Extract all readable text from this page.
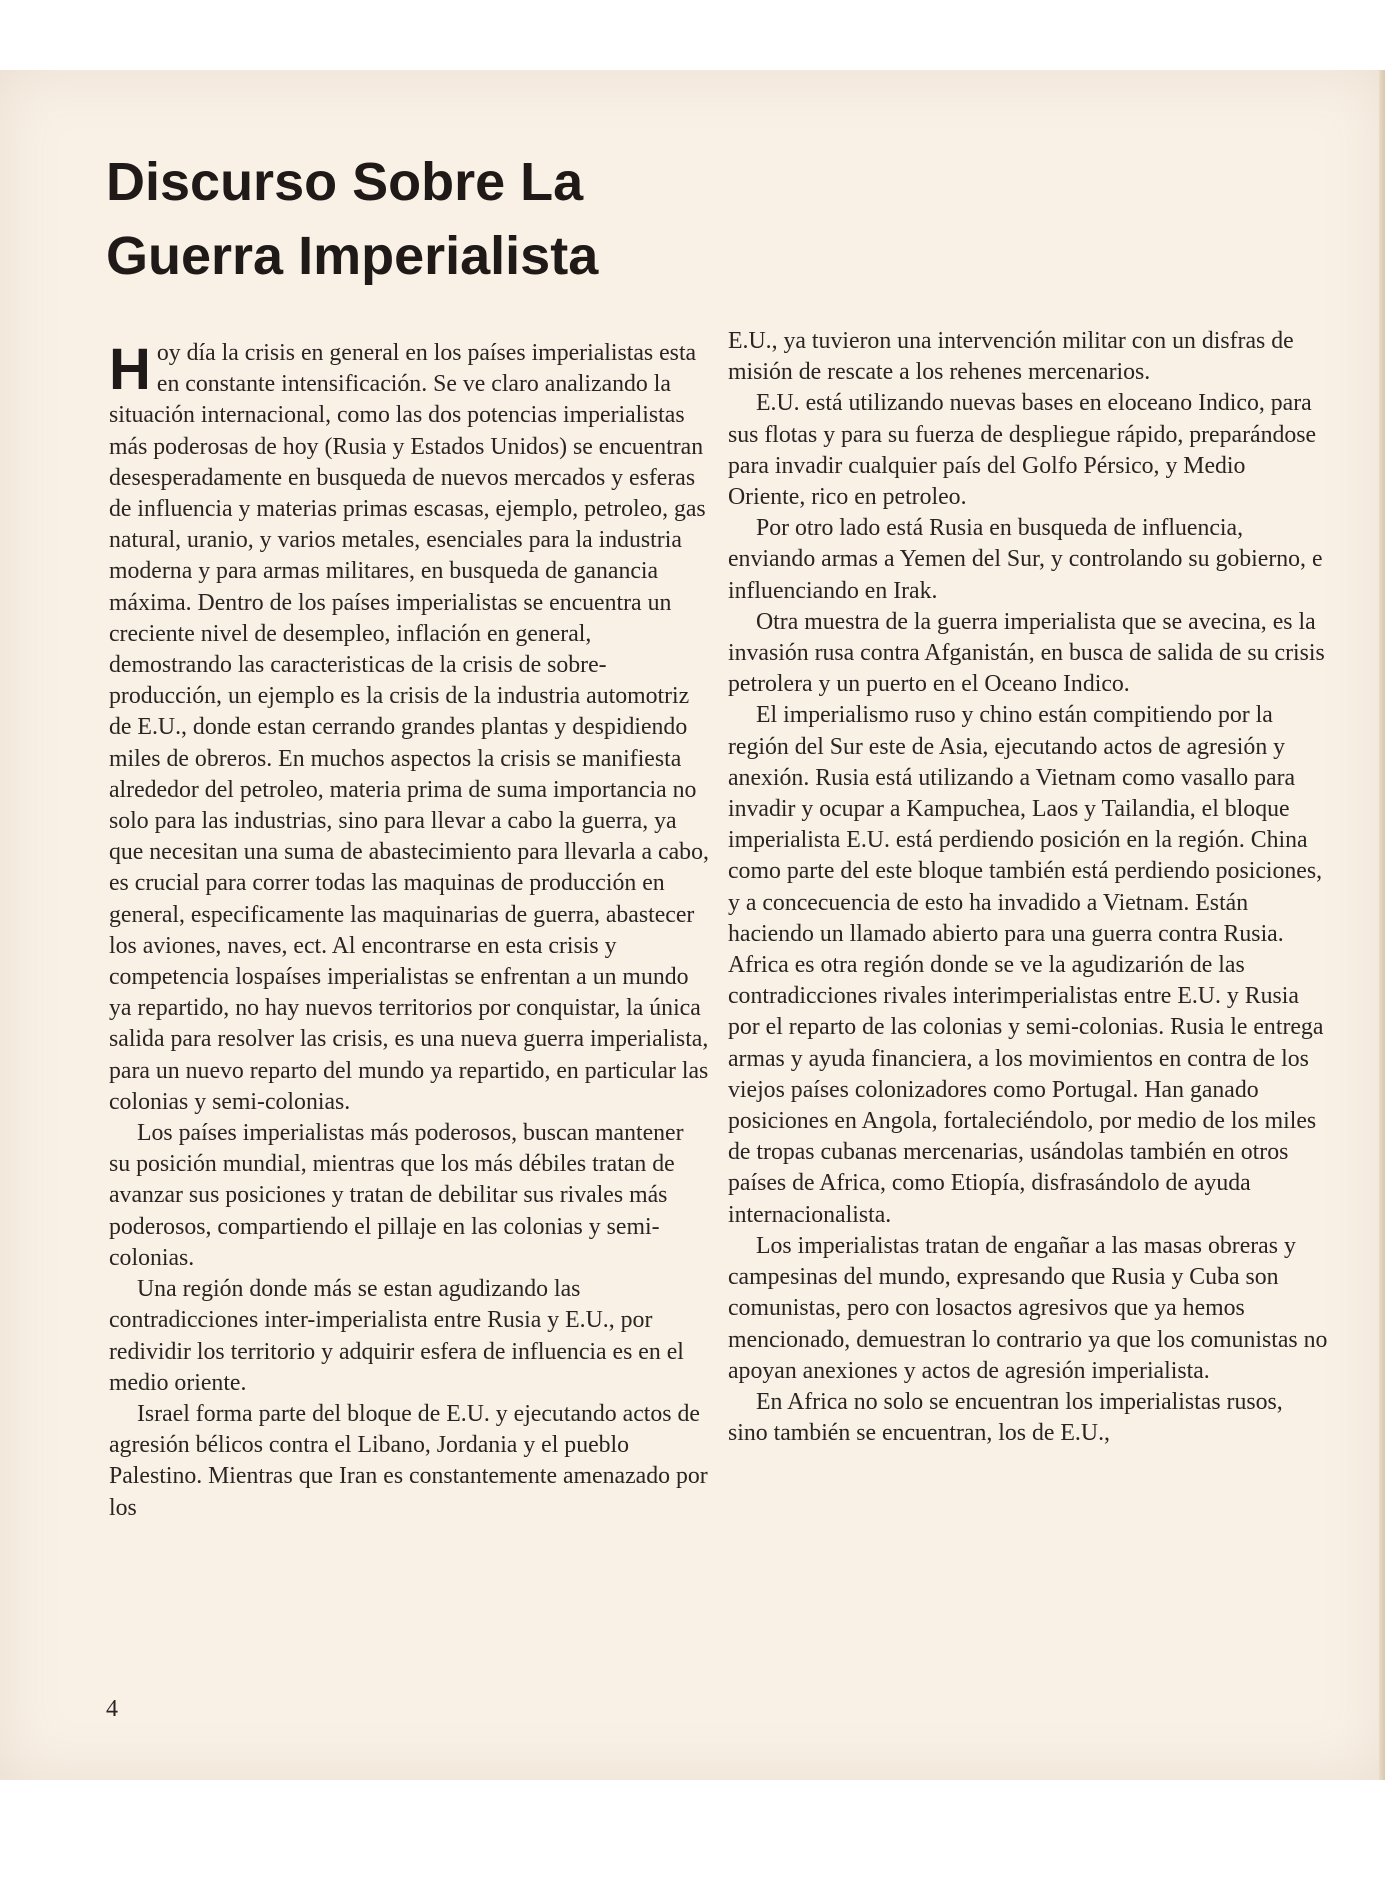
Discurso Sobre La Guerra Imperialista

Hoy día la crisis en general en los países imperialistas esta en constante intensificación. Se ve claro analizando la situación internacional, como las dos potencias imperialistas más poderosas de hoy (Rusia y Estados Unidos) se encuentran desesperadamente en busqueda de nuevos mercados y esferas de influencia y materias primas escasas, ejemplo, petroleo, gas natural, uranio, y varios metales, esenciales para la industria moderna y para armas militares, en busqueda de ganancia máxima. Dentro de los países imperialistas se encuentra un creciente nivel de desempleo, inflación en general, demostrando las caracteristicas de la crisis de sobre-producción, un ejemplo es la crisis de la industria automotriz de E.U., donde estan cerrando grandes plantas y despidiendo miles de obreros. En muchos aspectos la crisis se manifiesta alrededor del petroleo, materia prima de suma importancia no solo para las industrias, sino para llevar a cabo la guerra, ya que necesitan una suma de abastecimiento para llevarla a cabo, es crucial para correr todas las maquinas de producción en general, especificamente las maquinarias de guerra, abastecer los aviones, naves, ect. Al encontrarse en esta crisis y competencia lospaíses imperialistas se enfrentan a un mundo ya repartido, no hay nuevos territorios por conquistar, la única salida para resolver las crisis, es una nueva guerra imperialista, para un nuevo reparto del mundo ya repartido, en particular las colonias y semi-colonias.

Los países imperialistas más poderosos, buscan mantener su posición mundial, mientras que los más débiles tratan de avanzar sus posiciones y tratan de debilitar sus rivales más poderosos, compartiendo el pillaje en las colonias y semi-colonias.

Una región donde más se estan agudizando las contradicciones inter-imperialista entre Rusia y E.U., por redividir los territorio y adquirir esfera de influencia es en el medio oriente.

Israel forma parte del bloque de E.U. y ejecutando actos de agresión bélicos contra el Libano, Jordania y el pueblo Palestino. Mientras que Iran es constantemente amenazado por los

E.U., ya tuvieron una intervención militar con un disfras de misión de rescate a los rehenes mercenarios.

E.U. está utilizando nuevas bases en eloceano Indico, para sus flotas y para su fuerza de despliegue rápido, preparándose para invadir cualquier país del Golfo Pérsico, y Medio Oriente, rico en petroleo.

Por otro lado está Rusia en busqueda de influencia, enviando armas a Yemen del Sur, y controlando su gobierno, e influenciando en Irak.

Otra muestra de la guerra imperialista que se avecina, es la invasión rusa contra Afganistán, en busca de salida de su crisis petrolera y un puerto en el Oceano Indico.

El imperialismo ruso y chino están compitiendo por la región del Sur este de Asia, ejecutando actos de agresión y anexión. Rusia está utilizando a Vietnam como vasallo para invadir y ocupar a Kampuchea, Laos y Tailandia, el bloque imperialista E.U. está perdiendo posición en la región. China como parte del este bloque también está perdiendo posiciones, y a concecuencia de esto ha invadido a Vietnam. Están haciendo un llamado abierto para una guerra contra Rusia. Africa es otra región donde se ve la agudizarión de las contradicciones rivales interimperialistas entre E.U. y Rusia por el reparto de las colonias y semi-colonias. Rusia le entrega armas y ayuda financiera, a los movimientos en contra de los viejos países colonizadores como Portugal. Han ganado posiciones en Angola, fortaleciéndolo, por medio de los miles de tropas cubanas mercenarias, usándolas también en otros países de Africa, como Etiopía, disfrasándolo de ayuda internacionalista.

Los imperialistas tratan de engañar a las masas obreras y campesinas del mundo, expresando que Rusia y Cuba son comunistas, pero con losactos agresivos que ya hemos mencionado, demuestran lo contrario ya que los comunistas no apoyan anexiones y actos de agresión imperialista.

En Africa no solo se encuentran los imperialistas rusos, sino también se encuentran, los de E.U.,

4
